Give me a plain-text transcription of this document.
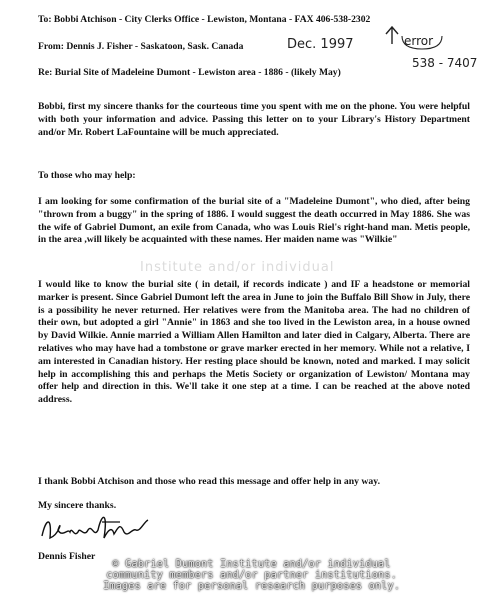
To: Bobbi Atchison - City Clerks Office - Lewiston, Montana - FAX 406-538-2302
error
From: Dennis J. Fisher - Saskatoon, Sask. Canada	Dec. 1997
538 - 7407
Re: Burial Site of Madeleine Dumont - Lewiston area - 1886 - (likely May)
Bobbi, first my sincere thanks for the courteous time you spent with me on the phone. You were helpful with both your information and advice. Passing this letter on to your Library's History Department and/or Mr. Robert LaFountaine will be much appreciated.
To those who may help:
I am looking for some confirmation of the burial site of a "Madeleine Dumont", who died, after being "thrown from a buggy" in the spring of 1886. I would suggest the death occurred in May 1886. She was the wife of Gabriel Dumont, an exile from Canada, who was Louis Riel's right-hand man. Metis people, in the area ,will likely be acquainted with these names. Her maiden name was "Wilkie"
Institute and/or individual
I would like to know the burial site ( in detail, if records indicate ) and IF a headstone or memorial marker is present. Since Gabriel Dumont left the area in June to join the Buffalo Bill Show in July, there is a possibility he never returned. Her relatives were from the Manitoba area. The had no children of their own, but adopted a girl "Annie" in 1863 and she too lived in the Lewiston area, in a house owned by David Wilkie. Annie married a William Allen Hamilton and later died in Calgary, Alberta. There are relatives who may have had a tombstone or grave marker erected in her memory. While not a relative, I am interested in Canadian history. Her resting place should be known, noted and marked. I may solicit help in accomplishing this and perhaps the Metis Society or organization of Lewiston/ Montana may offer help and direction in this. We'll take it one step at a time. I can be reached at the above noted address.
I thank Bobbi Atchison and those who read this message and offer help in any way.
My sincere thanks.
Dennis Fisher
© Gabriel Dumont Institute and/or individual
community members and/or partner institutions.
Images are for personal research purposes only.
